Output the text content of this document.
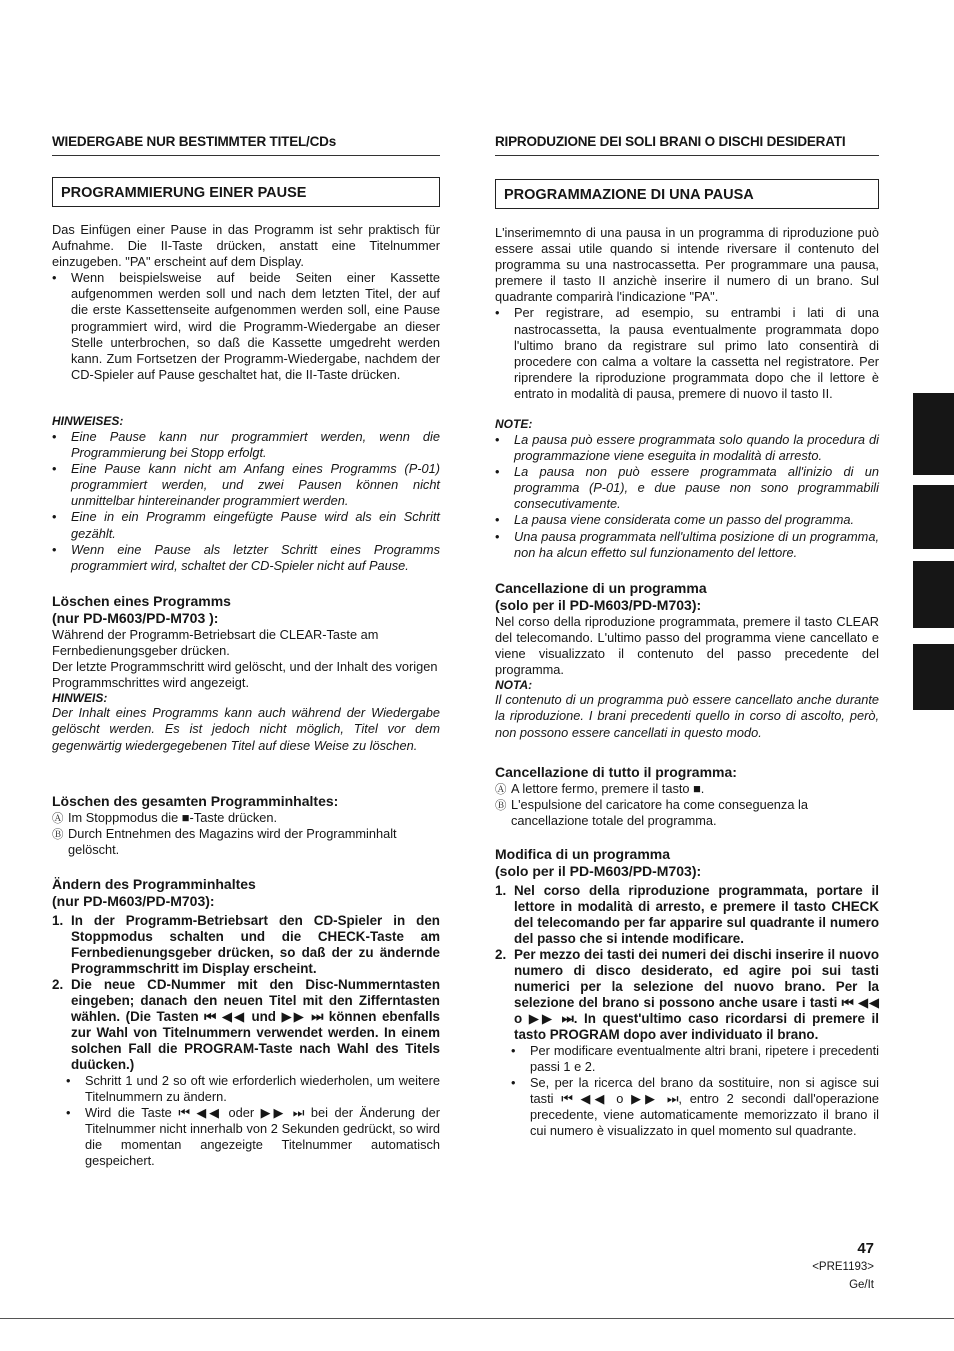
WIEDERGABE NUR BESTIMMTER TITEL/CDs
PROGRAMMIERUNG EINER PAUSE

Das Einfügen einer Pause in das Programm ist sehr praktisch für Aufnahme. Die II-Taste drücken, anstatt eine Titelnummer einzugeben. "PA" erscheint auf dem Display.

• Wenn beispielsweise auf beide Seiten einer Kassette aufgenommen werden soll und nach dem letzten Titel, der auf die erste Kassettenseite aufgenommen werden soll, eine Pause programmiert wird, wird die Programm-Wiedergabe an dieser Stelle unterbrochen, so daß die Kassette umgedreht werden kann. Zum Fortsetzen der Programm-Wiedergabe, nachdem der CD-Spieler auf Pause geschaltet hat, die II-Taste drücken.
HINWEISES:
• Eine Pause kann nur programmiert werden, wenn die Programmierung bei Stopp erfolgt.
• Eine Pause kann nicht am Anfang eines Programms (P-01) programmiert werden, und zwei Pausen können nicht unmittelbar hintereinander programmiert werden.
• Eine in ein Programm eingefügte Pause wird als ein Schritt gezählt.
• Wenn eine Pause als letzter Schritt eines Programms programmiert wird, schaltet der CD-Spieler nicht auf Pause.
Löschen eines Programms
(nur PD-M603/PD-M703 ):

Während der Programm-Betriebsart die CLEAR-Taste am Fernbedienungsgeber drücken.
Der letzte Programmschritt wird gelöscht, und der Inhalt des vorigen Programmschrittes wird angezeigt.

HINWEIS:

Der Inhalt eines Programms kann auch während der Wiedergabe gelöscht werden. Es ist jedoch nicht möglich, Titel vor dem gegenwärtig wiedergegebenen Titel auf diese Weise zu löschen.

Löschen des gesamten Programminhaltes:
Ⓐ Im Stoppmodus die ■-Taste drücken.
Ⓑ Durch Entnehmen des Magazins wird der Programminhalt gelöscht.
Ändern des Programminhaltes
(nur PD-M603/PD-M703):
1. In der Programm-Betriebsart den CD-Spieler in den Stoppmodus schalten und die CHECK-Taste am Fernbedienungsgeber drücken, so daß der zu ändernde Programmschritt im Display erscheint.
2. Die neue CD-Nummer mit den Disc-Nummerntasten eingeben; danach den neuen Titel mit den Zifferntasten wählen. (Die Tasten ⏮ ◀◀ und ▶▶ ⏭ können ebenfalls zur Wahl von Titelnummern verwendet werden. In einem solchen Fall die PROGRAM-Taste nach Wahl des Titels duücken.)
• Schritt 1 und 2 so oft wie erforderlich wiederholen, um weitere Titelnummern zu ändern.
• Wird die Taste ⏮ ◀◀ oder ▶▶ ⏭ bei der Änderung der Titelnummer nicht innerhalb von 2 Sekunden gedrückt, so wird die momentan angezeigte Titelnummer automatisch gespeichert.
RIPRODUZIONE DEI SOLI BRANI O DISCHI DESIDERATI
PROGRAMMAZIONE DI UNA PAUSA

L'inserimemnto di una pausa in un programma di riproduzione può essere assai utile quando si intende riversare il contenuto del programma su una nastrocassetta. Per programmare una pausa, premere il tasto II anzichè inserire il numero di un brano. Sul quadrante comparirà l'indicazione "PA".

• Per registrare, ad esempio, su entrambi i lati di una nastrocassetta, la pausa eventualmente programmata dopo l'ultimo brano da registrare sul primo lato consentirà di procedere con calma a voltare la cassetta nel registratore. Per riprendere la riproduzione programmata dopo che il lettore è entrato in modalità di pausa, premere di nuovo il tasto II.
NOTE:
• La pausa può essere programmata solo quando la procedura di programmazione viene eseguita in modalità di arresto.
• La pausa non può essere programmata all'inizio di un programma (P-01), e due pause non sono programmabili consecutivamente.
• La pausa viene considerata come un passo del programma.
• Una pausa programmata nell'ultima posizione di un programma, non ha alcun effetto sul funzionamento del lettore.
Cancellazione di un programma
(solo per il PD-M603/PD-M703):

Nel corso della riproduzione programmata, premere il tasto CLEAR del telecomando. L'ultimo passo del programma viene cancellato e viene visualizzato il contenuto del passo precedente del programma.

NOTA:

Il contenuto di un programma può essere cancellato anche durante la riproduzione. I brani precedenti quello in corso di ascolto, però, non possono essere cancellati in questo modo.

Cancellazione di tutto il programma:
Ⓐ A lettore fermo, premere il tasto ■.
Ⓑ L'espulsione del caricatore ha come conseguenza la cancellazione totale del programma.
Modifica di un programma
(solo per il PD-M603/PD-M703):
1. Nel corso della riproduzione programmata, portare il lettore in modalità di arresto, e premere il tasto CHECK del telecomando per far apparire sul quadrante il numero del passo che si intende modificare.
2. Per mezzo dei tasti dei numeri dei dischi inserire il nuovo numero di disco desiderato, ed agire poi sui tasti numerici per la selezione del nuovo brano. Per la selezione del brano si possono anche usare i tasti ⏮ ◀◀ o ▶▶ ⏭. In quest'ultimo caso ricordarsi di premere il tasto PROGRAM dopo aver individuato il brano.
• Per modificare eventualmente altri brani, ripetere i precedenti passi 1 e 2.
• Se, per la ricerca del brano da sostituire, non si agisce sui tasti ⏮ ◀◀ o ▶▶ ⏭, entro 2 secondi dall'operazione precedente, viene automaticamente memorizzato il brano il cui numero è visualizzato in quel momento sul quadrante.
47
<PRE1193>
Ge/It
